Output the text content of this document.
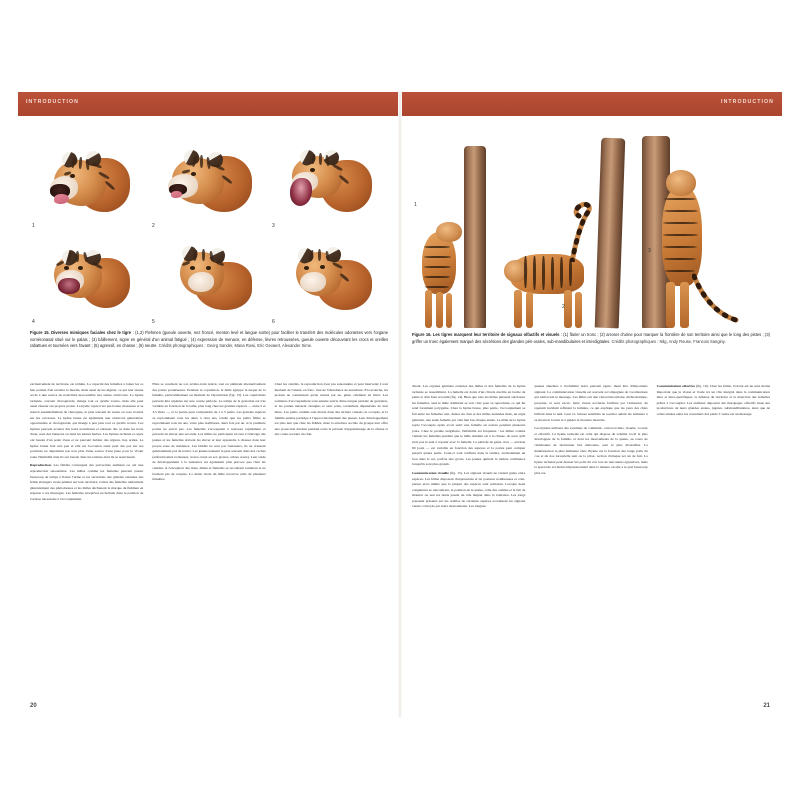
INTRODUCTION
1	2	3
4	5	6
Figure 15. Diverses mimiques faciales chez le tigre : (1,2) Flehmen (gueule ouverte, nez froncé, menton levé et langue sortie) pour faciliter le transfert des molécules odorantes vers l'organe voméronasal situé sur le palais ; (3) bâillement, signe en général d'un animal fatigué ; (4) expression de menace, en défense, lèvres retroussées, gueule ouverte découvrant les crocs et oreilles rabattues et tournées vers l'avant ; (5) agressif, en chasse ; (6) neutre. Crédits photographiques : Georg Sander, Mana Rowi, Eric Gevaert, Alexander Sime.

exclusivement de territoire, est réduite. La capacité des femelles à loiner les os leur permet d'en extraire la moelle, mais aussi de les digérer, ce qui leur donne accès à une source de nourriture inaccessible aux autres carnivores. La hyène tachetée, couvent charognarde, mange tout ce qu'elle trouve, mais elle peut aussi chasser ses propres proies. La hyène rayée n'est pas bonne chasseuse et se nourrit essentiellement de charognes, le plus souvent de restes ou ossa trouvés sur les carcasses. La hyène brune est également une carnivore généraliste, opportuniste et charognarde, qui mange à peu près tout ce qu'elle trouve. Les hyènes peuvent écouler des leurs nourritures et entasser des os dans les trous d'eau, sous des buissons ou dans les hautes herbes. Les hyènes tachetée et rayée ont besoin d'un point d'eau et ne peuvent habiter des régions trop arides. La hyène brune boit très peu et elle est l'occasion aussi peut des pas sur ses positions ne dépendant pas non plus d'une source d'eau juste pour le vivant toute l'humidité dont ils ont besoin dans les tarières dont ils se nourrissent.

Reproduction. Les félidés convergent des poivacétus animaux ou ont une reproduction saisonnière. Les mâles comme les femelles peuvent passer beaucoup de temps à flairer l'urine et les sécrétions des glandes cutanées des félins étrangers avant pénétré sur leur territoire. Celles des femelles renferment généralement des phéromones et les mâles déchiarent la marque du flehmen en réponse à ces messages. Les femelles réceptives ne herbent dans la position de l'ordose nécessaire à l'accouplement.

Elles se couchent au sol, arrière-train relevé, tout en piétinant alternativement des pattes postérieures. Pendant la copulation, le mâle agrippe la nuque de la femelle, particulièrement au moment de l'éjaculation (fig. 13). Les copulations peuvent être répétées sur une courte période. Le temps de la gestation est très variable en fonction de la taille, plus long chez les grandes espèces — entre 2 et 3,5 mois —, et la portée peut comprendre de 1 à 5 petits. Les grandes espèces se reproduisent tous les deux à cinq ans, tandis que les petits félins se reproduisent tous les ans, voire plus nombreux, deux fois par an, si la première portée ne survit pas. Les femelles s'accouplent à nouveau rapidement et peuvent en élever une seconde. Les mâles ne participent en rien à l'élevage des jeunes et les femelles doivent les élever et leur apprendre à chasser dans leur propre zone de résidence. Les félidés ne sont pas fouisseurs, ils ne creusent généralement pas de terrier. Les jeunes naissent le plus souvent dans des caches (anfractuosités rocheuses, troncs creux au sol, grottes, arbres creux). Leur stade de développement à la naissance est également plus précoce que chez les canidés. À l'exception des lions, mâles et femelles se recontrent rarement et ne forment pas de couples. La durée vitale du mâle recouvre celle de plusieurs femelles.

Chez les canidés, la reproduction n'est pas saisonnière et peut intervenir à tout moment de l'année, en fonc- tion de l'abondance de nourriture. En revanche, les protées ne connaissent qu'un œstrus par an, géné- ralement en hiver. Les solitaires d'accouplement sont ensuite suivis d'une longue période de gestation, et les jeunes naissent aveugles et sans poils, totalement dépendants de leur mère. Les petits canidés sont élevés dans des terriers creusés ou occupés, et la famille entière participe à l'approvisionnement des jeunes. Leur développement est plus lent que chez les félidés, mais la structure sociale du groupe leur offre une protection durable pendant toute la période d'apprentissage de la chasse et des codes sociaux du clan.

20
INTRODUCTION
1
2
3
Figure 16. Les tigres marquent leur territoire de signaux olfactifs et visuels : (1) flairer un tronc ; (2) arroser d'urine pour marquer la frontière de son territoire ainsi que le long des pistes ; (3) griffer un tronc également marqué des sécrétions des glandes péri-orales, sub-mandibulaires et interdigitales. Crédits photographiques : Nilg, Andy Rouse, Francois Sanginy.

diront. Les organes génitaux externes des mâles et des femelles de la hyène tachetée se ressemblent. La femelle est dotée d'un clitoris érectile en forme de pénis et d'un faux scrotum (fig. 14). Bien que tous les mâles puissent surclasser les femelles, seul le mâle dominant se voit citer pour se reproduire, ce qui lui rend fortement polygame. Chez la hyène brune, plus petite, l'accouplement se fait entre les femelles rési- dentes du clan et des mâles nomades mais, en règle générale, une seule femelle par clan met bas chaque année. Le mâle de la hyène rayée l'accouple après avoir suivi une femelle en œstrus pendant plusieurs jours. Chez le protèle strigidaire, l'infidélité est fréquente : les mâles voisins visitent les femelles pendant que le mâle résident est à la chasse, de sorte qu'il n'est pas le seul à copuler avec la femelle. La période de gesta- tion — environ 90 jours — est variable en fonction des espèces et la portée peut compter jusqu'à quatre petits. Ceux-ci sont confinés dans la tanière, normalement un trou dans le sol, parfois une grotte. Les jeunes quittent la tanière commence lorsqu'ils sont plus grands.

Communication visuelle (fig. 15). Les signaux visuels ne varient guère entre espèces. Les félins disposent d'expressions et de postures nombreuses et com- plexes alors même que la plupart des espèces sont solitaires. Lorsque deux congénères se rencontrent, la position de la queue, celle des oreilles et le fait de montrer ou non les dents jouent un rôle majeur dans la tolérance. Les longs poussent présents sur les oreilles de certaines espèces accentuent les signaux visuel convoyés par leurs mouvements. Les longues

queues annelées à l'extrémité noire peuvent égale- ment être d'importants signaux. La communication visuelle est souvent accompagnée de vocalisations qui renforcent le message. Les félins ont une vision binoculaire, dichromatique, perçante, et sont excel- lente vision nocturne facilitée par l'existence du tapetum lucidum reflétant la lumière, ce qui explique que les yeux des chats brillent dans la nuit. Leur vi- brisses sensibles au toucher aident les animaux à se mouvoir la nuit et à guider la morsure mortelle.

Les hyènes utilisent des systèmes de communi- cation tactiles, visuels, vocaux et olfactifs. La hyène tachetée est celle qui dispose du schéma vocal le plus développée de la famille, et dont les mouvements de la queue, au cours de cérémonies de bienvenue très élaborées, sont le plus diversifiés. La manifestation la plus éminente chez l'hyène est la fonction des longs poils du cou et du dos lorsqu'elle sent ou la piloé- rection d'attaque ser un de fuir. La hyène tachetée peut dresser les poils du cou lors de rencontres agressives, mais la spectacle est moins impressionnant dans la mesure où elle a le poil beaucoup plus ras.

Communication olfactive (fig. 16). Chez les félins, l'odorat est un sens moins important que la vision et l'ouïe n'a un rôle intégral dans la communication inter et intra-spécifiques, la défense du territoire et la détection des femelles prêtes à l'accoupler. Les animaux déposent des marquages olfactifs issus des productions de leurs glandes anales, jugales, submandibulaires, ainsi que de celles situées entre les coussinets des pieds. L'urine est un message

21
